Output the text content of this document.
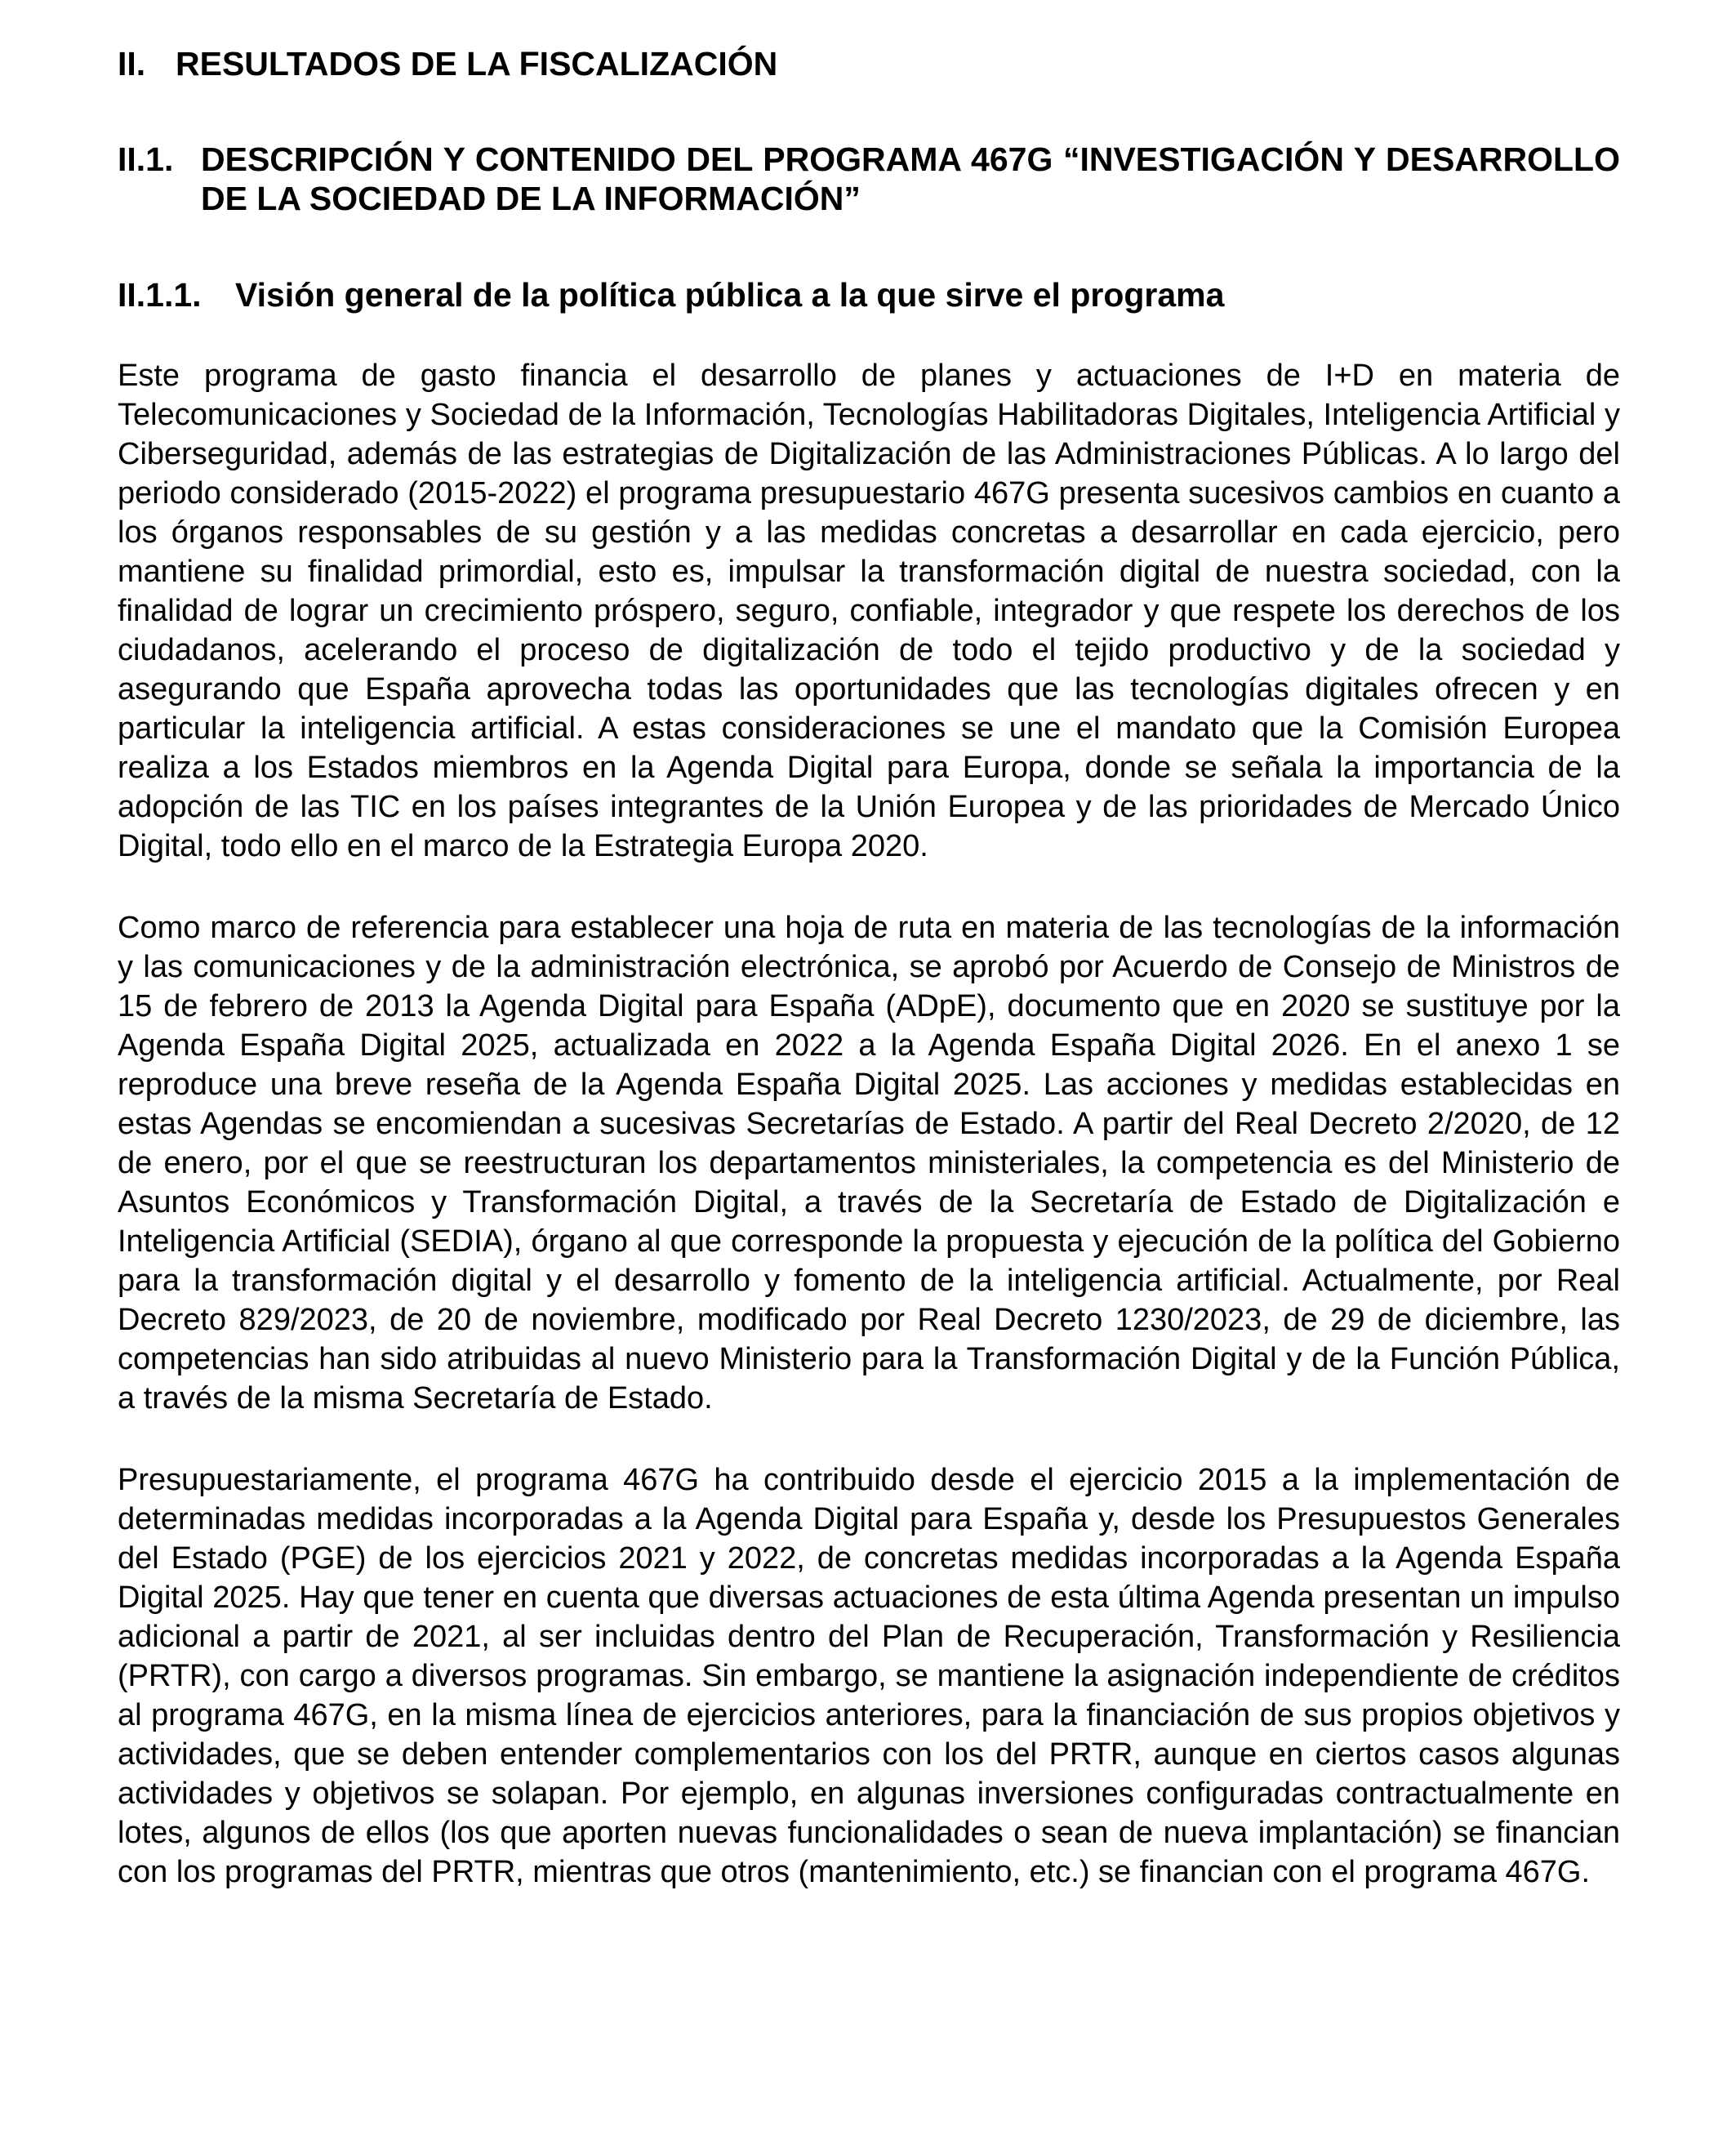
II. RESULTADOS DE LA FISCALIZACIÓN
II.1. DESCRIPCIÓN Y CONTENIDO DEL PROGRAMA 467G “INVESTIGACIÓN Y DESARROLLO DE LA SOCIEDAD DE LA INFORMACIÓN”
II.1.1.	Visión general de la política pública a la que sirve el programa

Este programa de gasto financia el desarrollo de planes y actuaciones de I+D en materia de Telecomunicaciones y Sociedad de la Información, Tecnologías Habilitadoras Digitales, Inteligencia Artificial y Ciberseguridad, además de las estrategias de Digitalización de las Administraciones Públicas. A lo largo del periodo considerado (2015-2022) el programa presupuestario 467G presenta sucesivos cambios en cuanto a los órganos responsables de su gestión y a las medidas concretas a desarrollar en cada ejercicio, pero mantiene su finalidad primordial, esto es, impulsar la transformación digital de nuestra sociedad, con la finalidad de lograr un crecimiento próspero, seguro, confiable, integrador y que respete los derechos de los ciudadanos, acelerando el proceso de digitalización de todo el tejido productivo y de la sociedad y asegurando que España aprovecha todas las oportunidades que las tecnologías digitales ofrecen y en particular la inteligencia artificial. A estas consideraciones se une el mandato que la Comisión Europea realiza a los Estados miembros en la Agenda Digital para Europa, donde se señala la importancia de la adopción de las TIC en los países integrantes de la Unión Europea y de las prioridades de Mercado Único Digital, todo ello en el marco de la Estrategia Europa 2020.

Como marco de referencia para establecer una hoja de ruta en materia de las tecnologías de la información y las comunicaciones y de la administración electrónica, se aprobó por Acuerdo de Consejo de Ministros de 15 de febrero de 2013 la Agenda Digital para España (ADpE), documento que en 2020 se sustituye por la Agenda España Digital 2025, actualizada en 2022 a la Agenda España Digital 2026. En el anexo 1 se reproduce una breve reseña de la Agenda España Digital 2025. Las acciones y medidas establecidas en estas Agendas se encomiendan a sucesivas Secretarías de Estado. A partir del Real Decreto 2/2020, de 12 de enero, por el que se reestructuran los departamentos ministeriales, la competencia es del Ministerio de Asuntos Económicos y Transformación Digital, a través de la Secretaría de Estado de Digitalización e Inteligencia Artificial (SEDIA), órgano al que corresponde la propuesta y ejecución de la política del Gobierno para la transformación digital y el desarrollo y fomento de la inteligencia artificial. Actualmente, por Real Decreto 829/2023, de 20 de noviembre, modificado por Real Decreto 1230/2023, de 29 de diciembre, las competencias han sido atribuidas al nuevo Ministerio para la Transformación Digital y de la Función Pública, a través de la misma Secretaría de Estado.

Presupuestariamente, el programa 467G ha contribuido desde el ejercicio 2015 a la implementación de determinadas medidas incorporadas a la Agenda Digital para España y, desde los Presupuestos Generales del Estado (PGE) de los ejercicios 2021 y 2022, de concretas medidas incorporadas a la Agenda España Digital 2025. Hay que tener en cuenta que diversas actuaciones de esta última Agenda presentan un impulso adicional a partir de 2021, al ser incluidas dentro del Plan de Recuperación, Transformación y Resiliencia (PRTR), con cargo a diversos programas. Sin embargo, se mantiene la asignación independiente de créditos al programa 467G, en la misma línea de ejercicios anteriores, para la financiación de sus propios objetivos y actividades, que se deben entender complementarios con los del PRTR, aunque en ciertos casos algunas actividades y objetivos se solapan. Por ejemplo, en algunas inversiones configuradas contractualmente en lotes, algunos de ellos (los que aporten nuevas funcionalidades o sean de nueva implantación) se financian con los programas del PRTR, mientras que otros (mantenimiento, etc.) se financian con el programa 467G.
